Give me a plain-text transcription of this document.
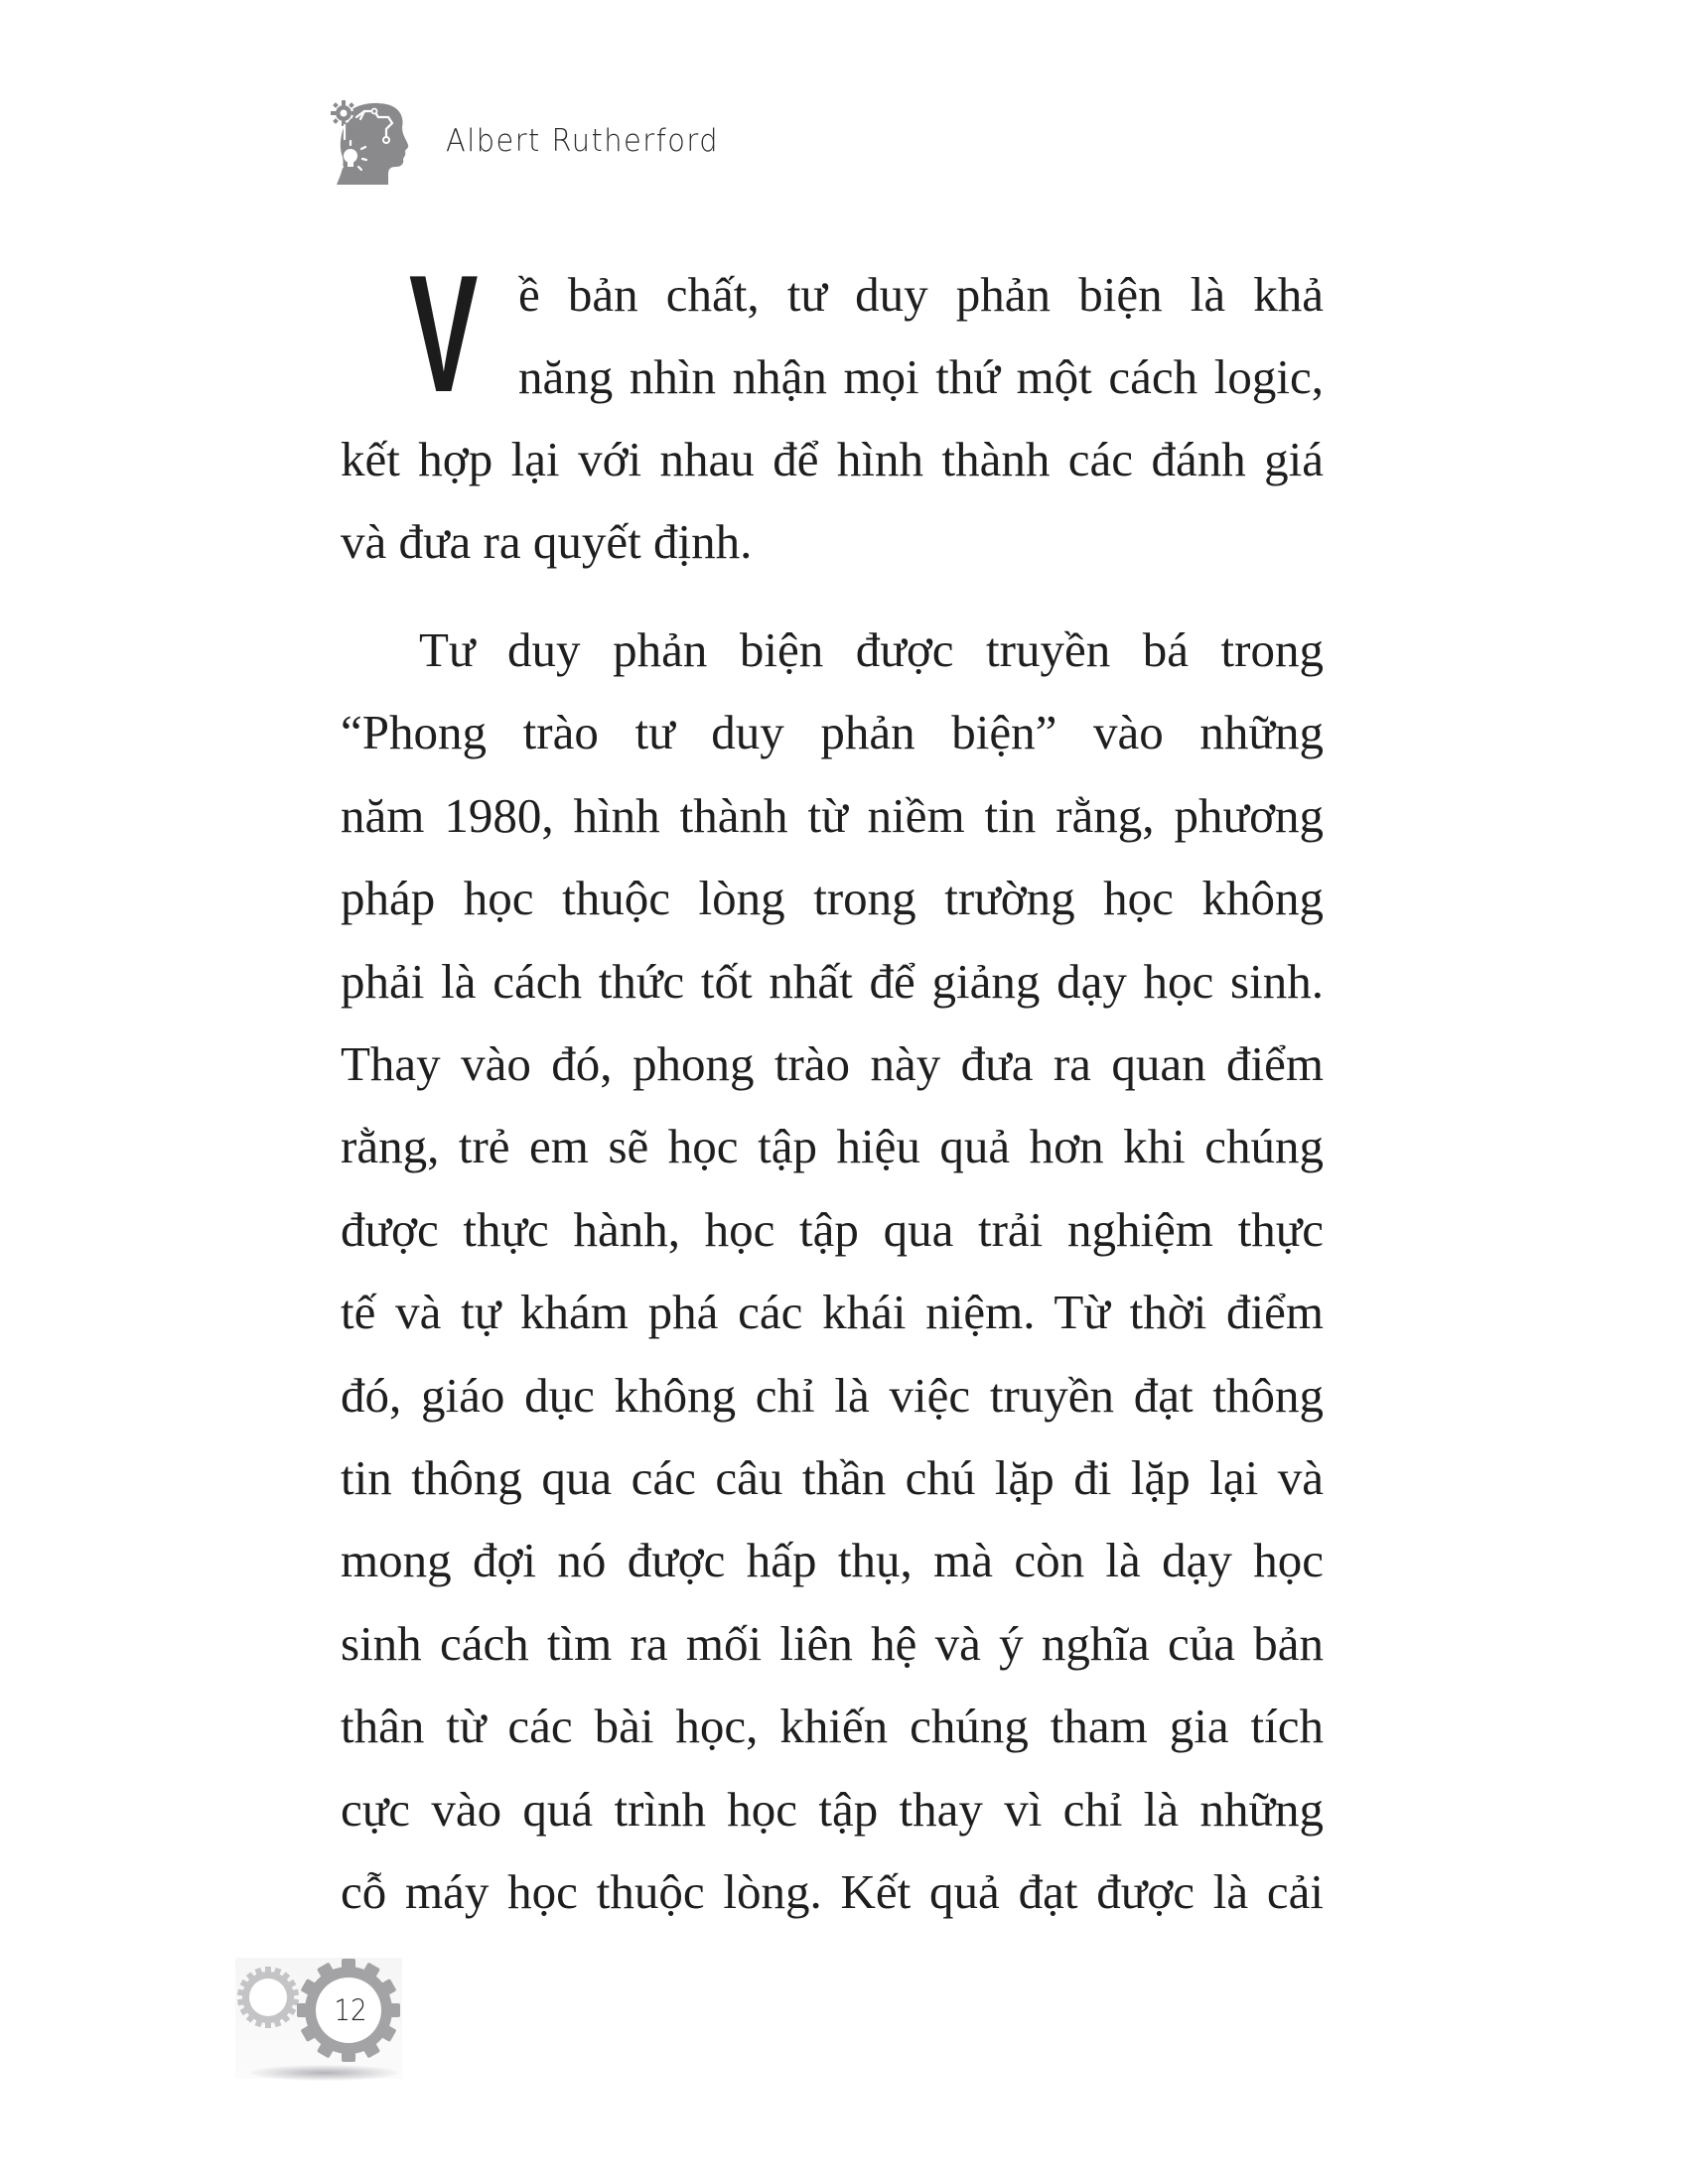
Albert Rutherford
V ề bản chất, tư duy phản biện là khả
năng nhìn nhận mọi thứ một cách logic,
kết hợp lại với nhau để hình thành các đánh giá
và đưa ra quyết định.
Tư duy phản biện được truyền bá trong
“Phong trào tư duy phản biện” vào những
năm 1980, hình thành từ niềm tin rằng, phương
pháp học thuộc lòng trong trường học không
phải là cách thức tốt nhất để giảng dạy học sinh.
Thay vào đó, phong trào này đưa ra quan điểm
rằng, trẻ em sẽ học tập hiệu quả hơn khi chúng
được thực hành, học tập qua trải nghiệm thực
tế và tự khám phá các khái niệm. Từ thời điểm
đó, giáo dục không chỉ là việc truyền đạt thông
tin thông qua các câu thần chú lặp đi lặp lại và
mong đợi nó được hấp thụ, mà còn là dạy học
sinh cách tìm ra mối liên hệ và ý nghĩa của bản
thân từ các bài học, khiến chúng tham gia tích
cực vào quá trình học tập thay vì chỉ là những
cỗ máy học thuộc lòng. Kết quả đạt được là cải
12
